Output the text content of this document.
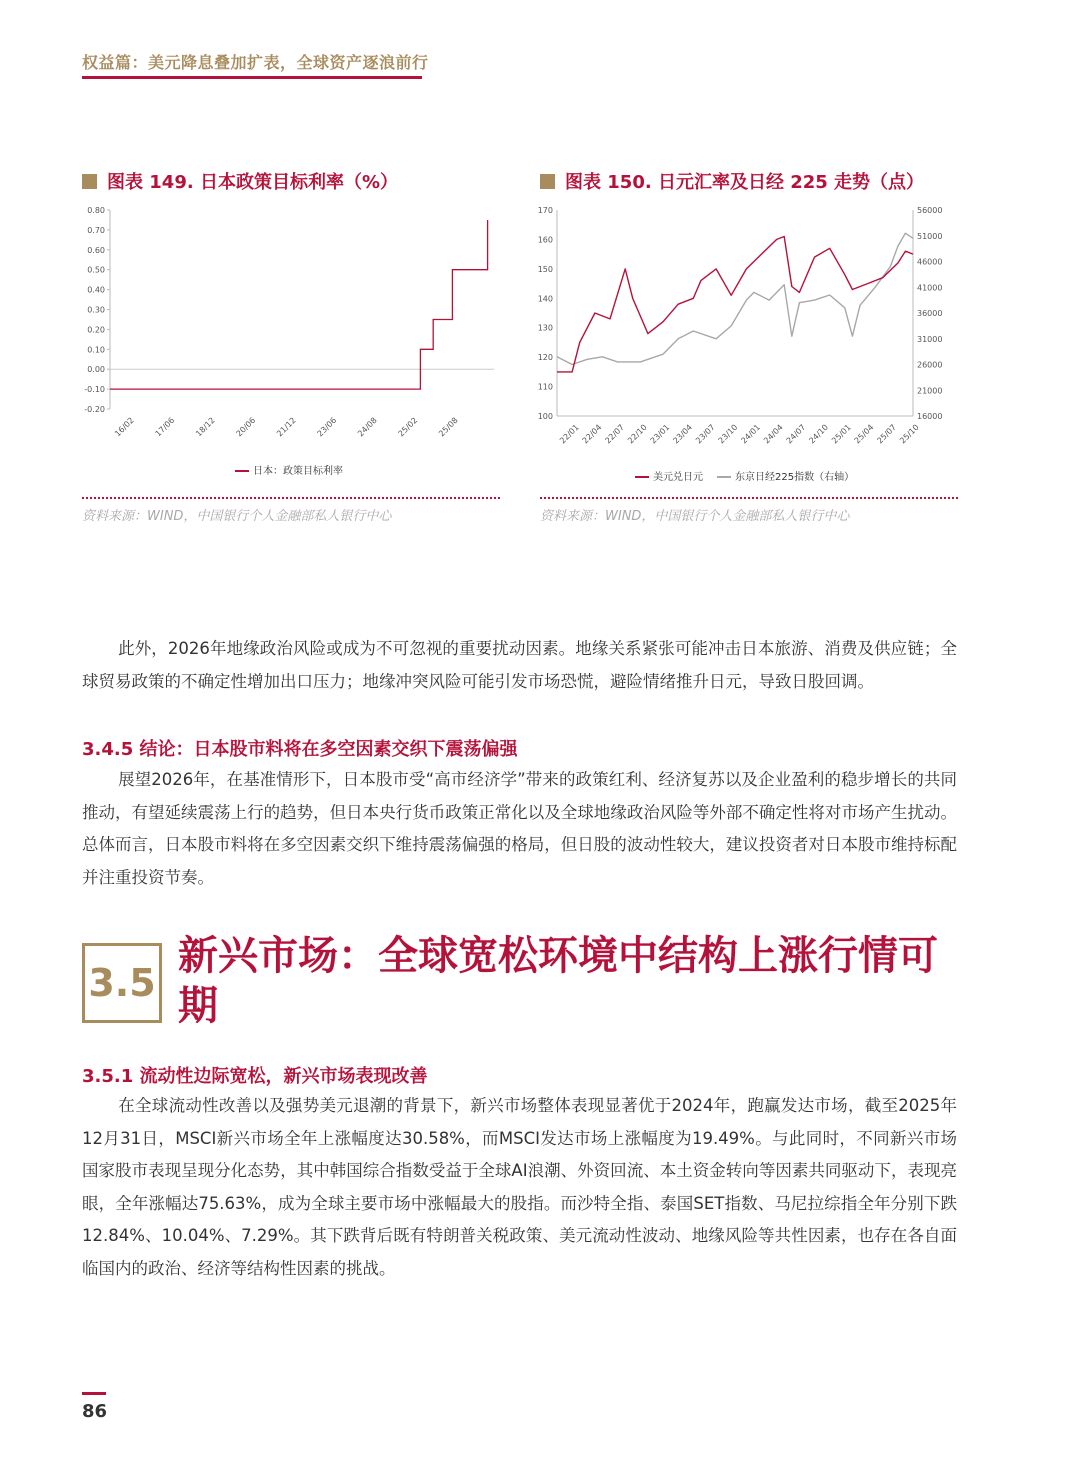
权益篇：美元降息叠加扩表，全球资产逐浪前行
图表 149. 日本政策目标利率（%）	图表 150. 日元汇率及日经 225 走势（点）
0.80
0.70
0.60
0.50
0.40
0.30
0.20
0.10
0.00
-0.10
-0.20
16/02 17/06 18/12 20/06 21/12 23/06 24/08 25/02 25/08
日本：政策目标利率
170
160
150
140
130
120
110
100
56000
51000
46000
41000
36000
31000
26000
21000
16000
22/01 22/04 22/07 22/10 23/01 23/04 23/07 23/10 24/01 24/04 24/07 24/10 25/01 25/04 25/07 25/10
美元兑日元	东京日经225指数（右轴）
资料来源：WIND，中国银行个人金融部私人银行中心	资料来源：WIND，中国银行个人金融部私人银行中心
此外，2026年地缘政治风险或成为不可忽视的重要扰动因素。地缘关系紧张可能冲击日本旅游、消费及供应链；全球贸易政策的不确定性增加出口压力；地缘冲突风险可能引发市场恐慌，避险情绪推升日元，导致日股回调。
3.4.5 结论：日本股市料将在多空因素交织下震荡偏强
展望2026年，在基准情形下，日本股市受“高市经济学”带来的政策红利、经济复苏以及企业盈利的稳步增长的共同推动，有望延续震荡上行的趋势，但日本央行货币政策正常化以及全球地缘政治风险等外部不确定性将对市场产生扰动。总体而言，日本股市料将在多空因素交织下维持震荡偏强的格局，但日股的波动性较大，建议投资者对日本股市维持标配并注重投资节奏。
3.5
新兴市场：全球宽松环境中结构上涨行情可期
3.5.1 流动性边际宽松，新兴市场表现改善
在全球流动性改善以及强势美元退潮的背景下，新兴市场整体表现显著优于2024年，跑赢发达市场，截至2025年12月31日，MSCI新兴市场全年上涨幅度达30.58%，而MSCI发达市场上涨幅度为19.49%。与此同时，不同新兴市场国家股市表现呈现分化态势，其中韩国综合指数受益于全球AI浪潮、外资回流、本土资金转向等因素共同驱动下，表现亮眼，全年涨幅达75.63%，成为全球主要市场中涨幅最大的股指。而沙特全指、泰国SET指数、马尼拉综指全年分别下跌12.84%、10.04%、7.29%。其下跌背后既有特朗普关税政策、美元流动性波动、地缘风险等共性因素，也存在各自面临国内的政治、经济等结构性因素的挑战。
86
